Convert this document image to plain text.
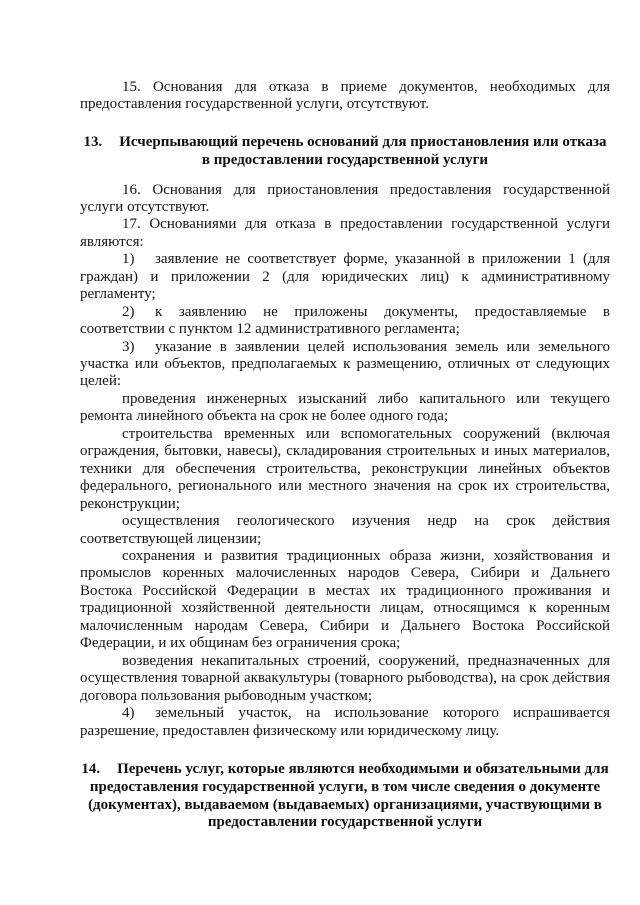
15. Основания для отказа в приеме документов, необходимых для предоставления государственной услуги, отсутствуют.

13. Исчерпывающий перечень оснований для приостановления или отказа в предоставлении государственной услуги

16. Основания для приостановления предоставления государственной услуги отсутствуют.

17. Основаниями для отказа в предоставлении государственной услуги являются:

1) заявление не соответствует форме, указанной в приложении 1 (для граждан) и приложении 2 (для юридических лиц) к административному регламенту;

2) к заявлению не приложены документы, предоставляемые в соответствии с пунктом 12 административного регламента;

3) указание в заявлении целей использования земель или земельного участка или объектов, предполагаемых к размещению, отличных от следующих целей:

проведения инженерных изысканий либо капитального или текущего ремонта линейного объекта на срок не более одного года;

строительства временных или вспомогательных сооружений (включая ограждения, бытовки, навесы), складирования строительных и иных материалов, техники для обеспечения строительства, реконструкции линейных объектов федерального, регионального или местного значения на срок их строительства, реконструкции;

осуществления геологического изучения недр на срок действия соответствующей лицензии;

сохранения и развития традиционных образа жизни, хозяйствования и промыслов коренных малочисленных народов Севера, Сибири и Дальнего Востока Российской Федерации в местах их традиционного проживания и традиционной хозяйственной деятельности лицам, относящимся к коренным малочисленным народам Севера, Сибири и Дальнего Востока Российской Федерации, и их общинам без ограничения срока;

возведения некапитальных строений, сооружений, предназначенных для осуществления товарной аквакультуры (товарного рыбоводства), на срок действия договора пользования рыбоводным участком;

4) земельный участок, на использование которого испрашивается разрешение, предоставлен физическому или юридическому лицу.

14. Перечень услуг, которые являются необходимыми и обязательными для предоставления государственной услуги, в том числе сведения о документе (документах), выдаваемом (выдаваемых) организациями, участвующими в предоставлении государственной услуги
